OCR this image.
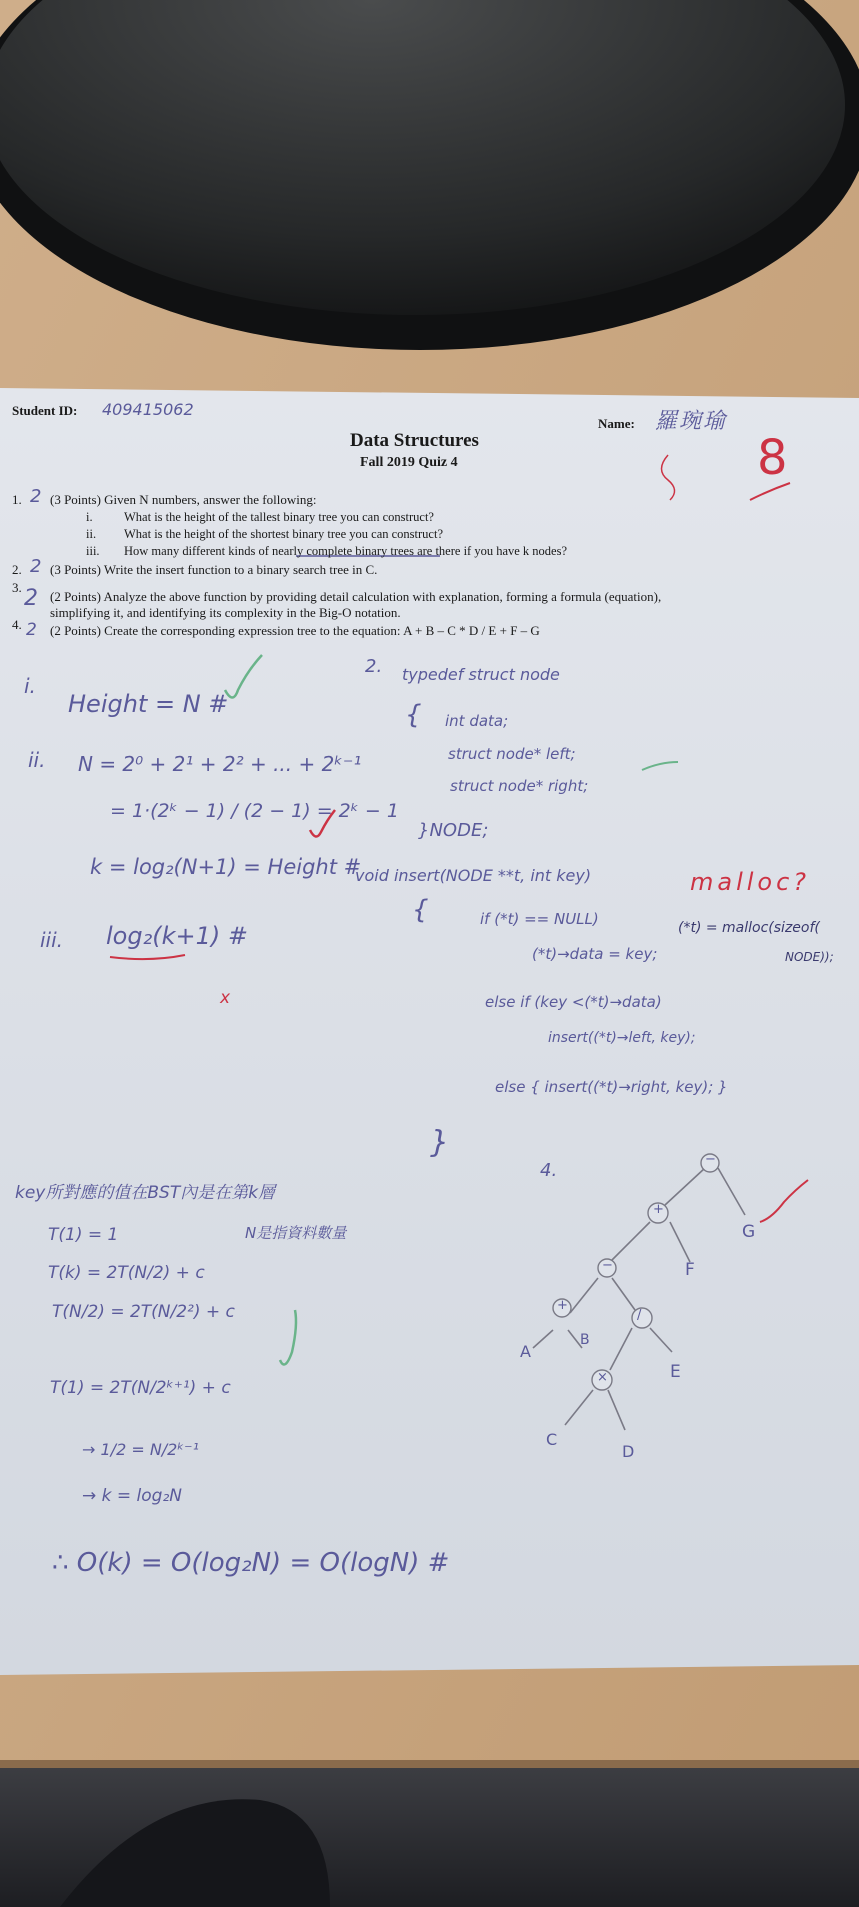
Student ID: 409415062
Name: 羅琬瑜
Data Structures
Fall 2019 Quiz 4	8
1. 2 (3 Points) Given N numbers, answer the following:
i.	What is the height of the tallest binary tree you can construct?
ii. What is the height of the shortest binary tree you can construct?
iii. How many different kinds of nearly complete binary trees are there if you have k nodes?
2. 2 (3 Points) Write the insert function to a binary search tree in C.
3. 2 (2 Points) Analyze the above function by providing detail calculation with explanation, forming a formula (equation),
simplifying it, and identifying its complexity in the Big-O notation.
4. 2 (2 Points) Create the corresponding expression tree to the equation: A + B – C * D / E + F – G
i.
Height = N #
ii. N = 2⁰ + 2¹ + 2² + ... + 2ᵏ⁻¹
= 1·(2ᵏ − 1) / (2 − 1) = 2ᵏ − 1
k = log₂(N+1) = Height #
iii. log₂(k+1) #
x
2. typedef struct node
{ int data;
struct node* left;
struct node* right;
}NODE;
void insert(NODE **t, int key)
{	if (*t) == NULL)
(*t)→data = key;
else if (key <(*t)→data)
insert((*t)→left, key);
else { insert((*t)→right, key); }
}
malloc?
(*t) = malloc(sizeof(
NODE));
key所對應的值在BST內是在第k層
N是指資料數量
T(1) = 1
T(k) = 2T(N/2) + c
T(N/2) = 2T(N/2²) + c
T(1) = 2T(N/2ᵏ⁺¹) + c
→ 1/2 = N/2ᵏ⁻¹
→ k = log₂N
∴ O(k) = O(log₂N) = O(logN) #
4.
−
+
G
F
−
+
/
A
B
E
×
C
D
